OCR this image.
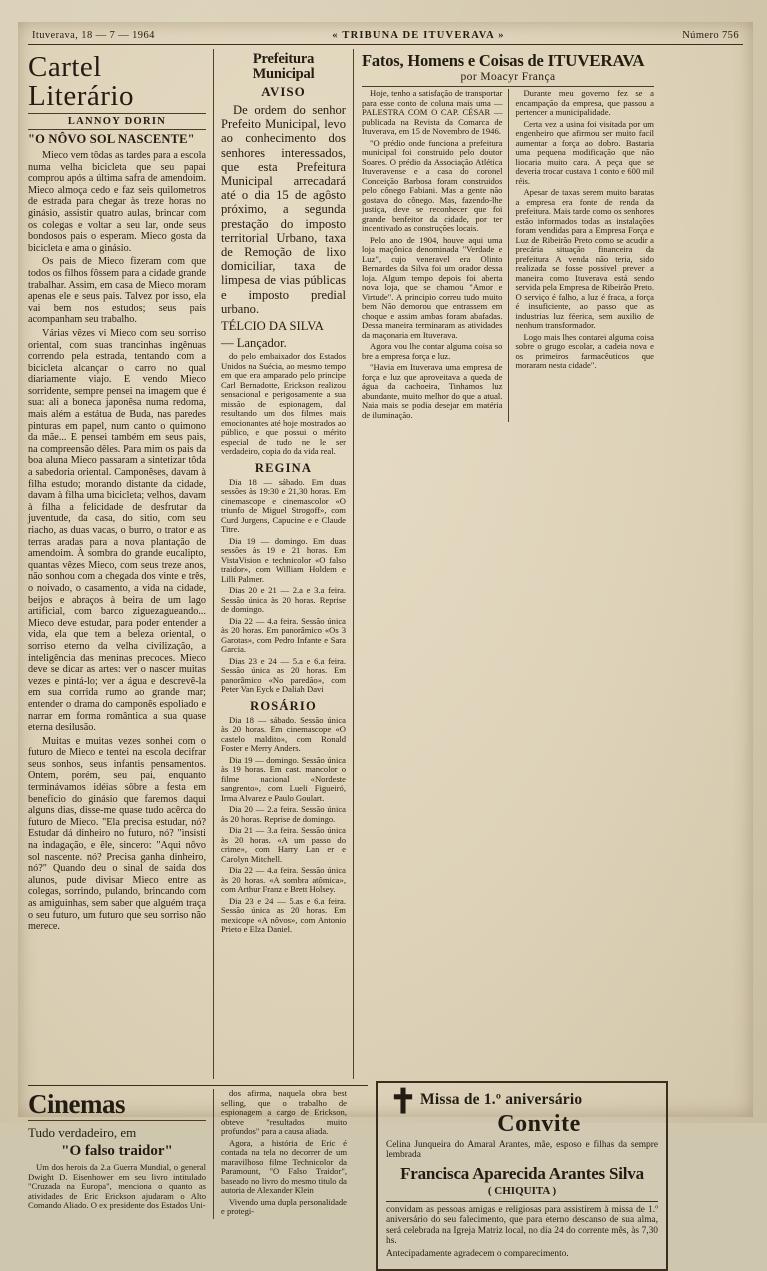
Ituverava, 18 — 7 — 1964	« TRIBUNA DE ITUVERAVA »	Número 756
Cartel Literário
LANNOY DORIN
"O NÔVO SOL NASCENTE"

Mieco vem tôdas as tardes para a escola numa velha bicicleta que seu papai comprou após a última safra de amendoim. Mieco almoça cedo e faz seis quilometros de estrada para chegar às treze horas no ginásio, assistir quatro aulas, brincar com os colegas e voltar a seu lar, onde seus bondosos pais o esperam. Mieco gosta da bicicleta e ama o ginásio.

Os pais de Mieco fizeram com que todos os filhos fôssem para a cidade grande trabalhar. Assim, em casa de Mieco moram apenas ele e seus pais. Talvez por isso, ela vai bem nos estudos; seus pais acompanham seu trabalho.

Várias vêzes vi Mieco com seu sorriso oriental, com suas trancinhas ingênuas correndo pela estrada, tentando com a bicicleta alcançar o carro no qual diariamente viajo. E vendo Mieco sorridente, sempre pensei na imagem que é sua: ali a boneca japonêsa numa redoma, mais além a estátua de Buda, nas paredes pinturas em papel, num canto o quimono da mãe... E pensei também em seus pais, na compreensão dêles. Para mim os pais da boa aluna Mieco passaram a sintetizar tôda a sabedoria oriental. Camponêses, davam à filha estudo; morando distante da cidade, davam à filha uma bicicleta; velhos, davam à filha a felicidade de desfrutar da juventude, da casa, do sitio, com seu riacho, as duas vacas, o burro, o trator e as terras aradas para a nova plantação de amendoim. À sombra do grande eucalipto, quantas vêzes Mieco, com seus treze anos, não sonhou com a chegada dos vinte e três, o noivado, o casamento, a vida na cidade, beijos e abraços à beira de um lago artificial, com barco ziguezagueando... Mieco deve estudar, para poder entender a vida, ela que tem a beleza oriental, o sorriso eterno da velha civilização, a inteligência das meninas precoces. Mieco deve se dicar as artes: ver o nascer muitas vezes e pintá-lo; ver a água e descrevê-la em sua corrida rumo ao grande mar; entender o drama do camponês espoliado e narrar em forma romântica a sua quase eterna desilusão.

Muitas e muitas vezes sonhei com o futuro de Mieco e tentei na escola decifrar seus sonhos, seus infantis pensamentos. Ontem, porém, seu pai, enquanto terminávamos idéias sôbre a festa em benefício do ginásio que faremos daqui alguns dias, disse-me quase tudo acêrca do futuro de Mieco. "Ela precisa estudar, nó? Estudar dá dinheiro no futuro, nó? "insisti na indagação, e êle, sincero: "Aqui nôvo sol nascente. nó? Precisa ganha dinheiro, nó?" Quando deu o sinal de saida dos alunos, pude divisar Mieco entre as colegas, sorrindo, pulando, brincando com as amiguinhas, sem saber que alguém traça o seu futuro, um futuro que seu sorriso não merece.

Prefeitura Municipal
AVISO

De ordem do senhor Prefeito Municipal, levo ao conhecimento dos senhores interessados, que esta Prefeitura Municipal arrecadará até o dia 15 de agôsto próximo, a segunda prestação do imposto territorial Urbano, taxa de Remoção de lixo domiciliar, taxa de limpesa de vias públicas e imposto predial urbano.

TÉLCIO DA SILVA

— Lançador.

do pelo embaixador dos Estados Unidos na Suécia, ao mesmo tempo em que era amparado pelo principe Carl Bernadotte, Erickson realizou sensacional e perigosamente a sua missão de espionagem, dal resultando um dos filmes mais emocionantes até hoje mostrados ao público, e que possui o mérito especial de tudo ne le ser verdadeiro, copia do da vida real.

REGINA

Dia 18 — sábado. Em duas sessões às 19:30 e 21,30 horas. Em cinemascope e cinemascolor «O triunfo de Miguel Strogoff», com Curd Jurgens, Capucine e e Claude Titre.

Dia 19 — domingo. Em duas sessões às 19 e 21 horas. Em VistaVision e technicolor «O falso traidor», com William Holdem e Lilli Palmer.

Dias 20 e 21 — 2.a e 3.a feira. Sessão única às 20 horas. Reprise de domingo.

Dia 22 — 4.a feira. Sessão única às 20 horas. Em panorâmico «Os 3 Garotas», com Pedro Infante e Sara Garcia.

Dias 23 e 24 — 5.a e 6.a feira. Sessão única as 20 horas. Em panorâmico «No paredão», com Peter Van Eyck e Daliah Davi

ROSÁRIO

Dia 18 — sábado. Sessão única às 20 horas. Em cinemascope «O castelo maldito», com Ronald Foster e Merry Anders.

Dia 19 — domingo. Sessão única às 19 horas. Em cast. mancolor o filme nacional «Nordeste sangrento», com Lueli Figueiró, Irma Alvarez e Paulo Goulart.

Dia 20 — 2.a feira. Sessão única às 20 horas. Reprise de domingo.

Dia 21 — 3.a feira. Sessão única às 20 horas. «A um passo do crime», com Harry Lan er e Carolyn Mitchell.

Dia 22 — 4.a feira. Sessão única às 20 horas. «A sombra atômica», com Arthur Franz e Brett Holsey.

Dia 23 e 24 — 5.as e 6.a feira. Sessão única as 20 horas. Em mexicope «A nôvos», com Antonio Prieto e Elza Daniel.

Fatos, Homens e Coisas de ITUVERAVA
por Moacyr França

Hoje, tenho a satisfação de transportar para esse conto de coluna mais uma — PALESTRA COM O CAP. CÉSAR — publicada na Revista da Comarca de Ituverava, em 15 de Novembro de 1946.

"O prédio onde funciona a prefeitura municipal foi construido pelo doutor Soares. O prédio da Associação Atlética Ituveravense e a casa do coronel Conceição Barbosa foram construidos pelo cônego Fabiani. Mas a gente não gostava do cônego. Mas, fazendo-lhe justiça, deve se reconhecer que foi grande benfeitor da cidade, por ter incentivado as construções locais.

Pelo ano de 1904, houve aqui uma loja maçônica denominada "Verdade e Luz", cujo veneravel era Olinto Bernardes da Silva foi um orador dessa loja. Algum tempo depois foi aberta nova loja, que se chamou "Amor e Virtude". A principio correu tudo muito bem Não demorou que entrassem em choque e assim ambas foram abafadas. Dessa maneira terminaram as atividades da maçonaria em Ituverava.

Agora vou lhe contar alguma coisa so bre a empresa força e luz.

"Havia em Ituverava uma empresa de força e luz que aproveitava a queda de água da cachoeira, Tinhamos luz abundante, muito melhor do que a atual. Naia mais se podia desejar em matéria de iluminação.

Durante meu governo fez se a encampação da empresa, que passou a pertencer a municipalidade.

Certa vez a usina foi visitada por um engenheiro que afirmou ser muito facil aumentar a força ao dobro. Bastaria uma pequena modificação que não liocaria muito cara. A peça que se deveria trocar custava 1 conto e 600 mil réis.

Apesar de taxas serem muito baratas a empresa era fonte de renda da prefeitura. Mais tarde como os senhores estão informados todas as instalações foram vendidas para a Empresa Força e Luz de Ribeirão Preto como se acudir a precária situação financeira da prefeitura A venda não teria, sido realizada se fosse possivel prever a maneira como Ituverava está sendo servida pela Empresa de Ribeirão Preto. O serviço é falho, a luz é fraca, a força é insuficiente, ao passo que as industrias luz féerica, sem auxilio de nenhum transformador.

Logo mais lhes contarei alguma coisa sobre o grugo escolar, a cadeia nova e os primeiros farmacêuticos que moraram nesta cidade".

Cinemas
Tudo verdadeiro, em
"O falso traidor"

Um dos herois da 2.a Guerra Mundial, o general Dwight D. Eisenhower em seu livro intitulado "Cruzada na Europa", menciona o quanto as atividades de Eric Erickson ajudaram o Alto Comando Aliado. O ex presidente dos Estados Uni-

dos afirma, naquela obra best selling, que o trabalho de espionagem a cargo de Erickson, obteve "resultados muito profundos" para a causa aliada.

Agora, a história de Eric é contada na tela no decorrer de um maravilhoso filme Technicolor da Paramount, "O Falso Traidor", baseado no livro do mesmo titulo da autoria de Alexander Klein

Vivendo uma dupla personalidade e protegi-

✝ Missa de 1.º aniversário
Convite

Celina Junqueira do Amaral Arantes, mãe, esposo e filhas da sempre lembrada

Francisca Aparecida Arantes Silva
( CHIQUITA )

convidam as pessoas amigas e religiosas para assistirem à missa de 1.º aniversário do seu falecimento, que para eterno descanso de sua alma, será celebrada na Igreja Matriz local, no dia 24 do corrente mês, às 7,30 hs.

Antecipadamente agradecem o comparecimento.
